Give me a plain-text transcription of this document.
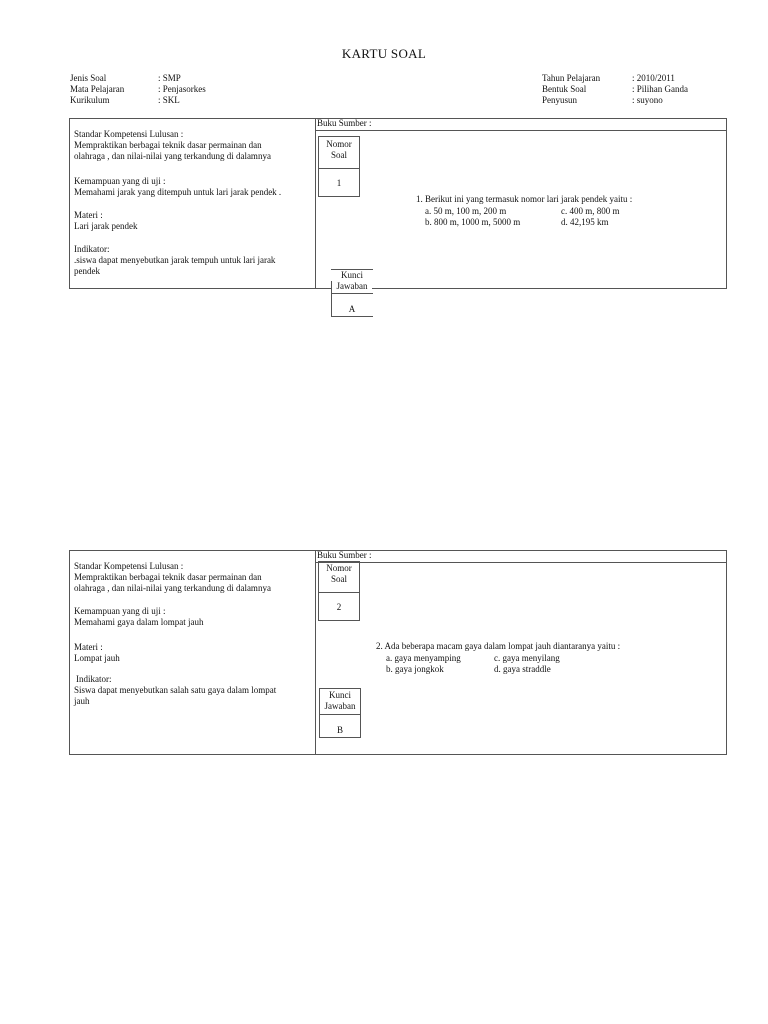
KARTU SOAL
Jenis Soal	: SMP
Mata Pelajaran	: Penjasorkes
Kurikulum	: SKL
Tahun Pelajaran	: 2010/2011
Bentuk Soal	: Pilihan Ganda
Penyusun	: suyono
Buku Sumber :
Standar Kompetensi Lulusan :
Mempraktikan berbagai teknik dasar permainan dan
olahraga , dan nilai-nilai yang terkandung di dalamnya
Kemampuan yang di uji :
Memahami jarak yang ditempuh untuk lari jarak pendek .
Materi :
Lari jarak pendek
Indikator:
.siswa dapat menyebutkan jarak tempuh untuk lari jarak
pendek
Nomor
Soal
1
1. Berikut ini yang termasuk nomor lari jarak pendek yaitu :
a. 50 m, 100 m, 200 m	c. 400 m, 800 m
b. 800 m, 1000 m, 5000 m	d. 42,195 km
Kunci
Jawaban
A
Buku Sumber :
Standar Kompetensi Lulusan :
Mempraktikan berbagai teknik dasar permainan dan
olahraga , dan nilai-nilai yang terkandung di dalamnya
Kemampuan yang di uji :
Memahami gaya dalam lompat jauh
Materi :
Lompat jauh
Indikator:
Siswa dapat menyebutkan salah satu gaya dalam lompat
jauh
Nomor
Soal
2
2. Ada beberapa macam gaya dalam lompat jauh diantaranya yaitu :
a. gaya menyamping	c. gaya menyilang
b. gaya jongkok	d. gaya straddle
Kunci
Jawaban
B
